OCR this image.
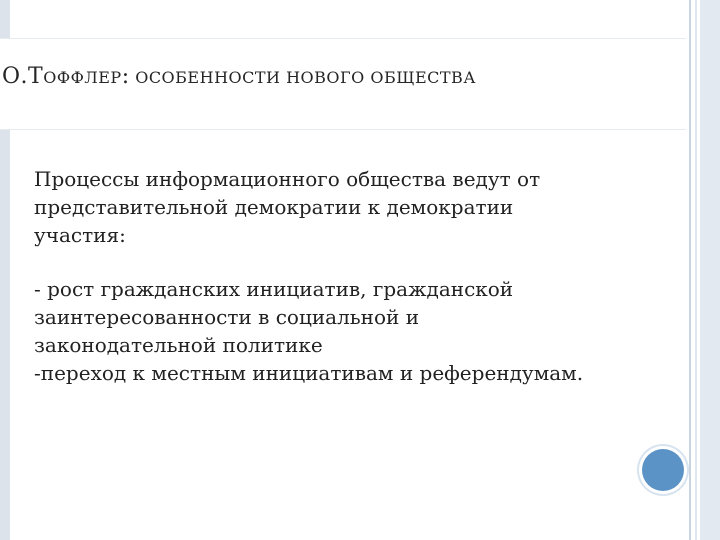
О.ТОФФЛЕР: ОСОБЕННОСТИ НОВОГО ОБЩЕСТВА

Процессы информационного общества ведут от
представительной демократии к демократии
участия:

- рост гражданских инициатив, гражданской
заинтересованности в социальной и
законодательной политике
-переход к местным инициативам и референдумам.
